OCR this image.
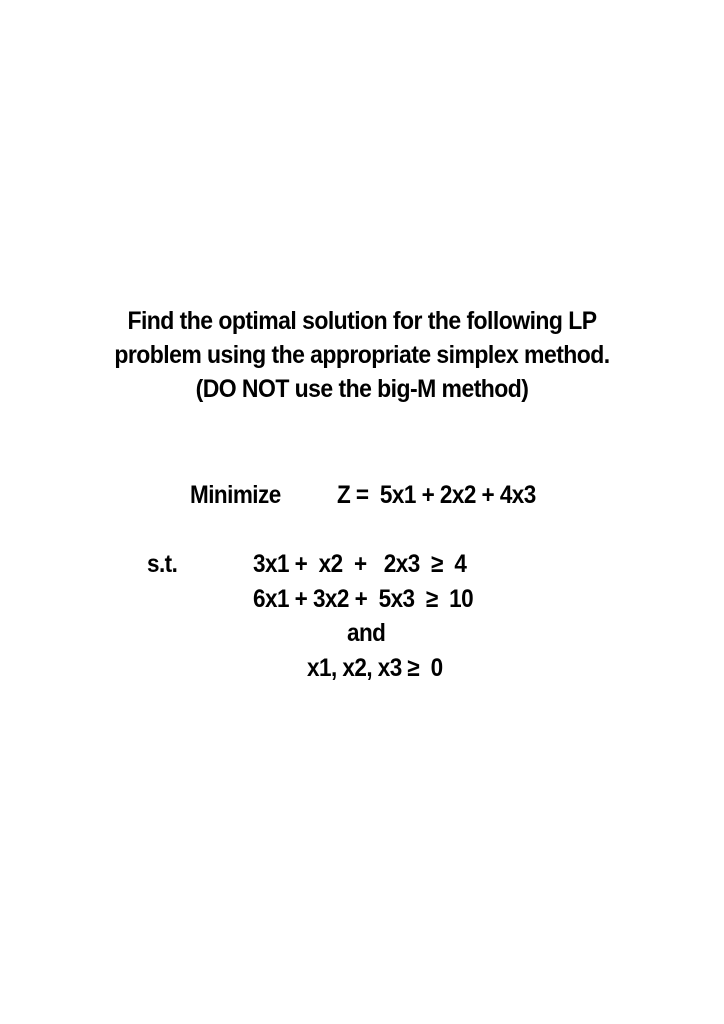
Find the optimal solution for the following LP
problem using the appropriate simplex method.
(DO NOT use the big-M method)
Minimize Z =  5x1 + 2x2 + 4x3
s.t.	3x1 +  x2  +   2x3  ≥  4
6x1 + 3x2 +  5x3  ≥  10
and
x1, x2, x3 ≥  0
